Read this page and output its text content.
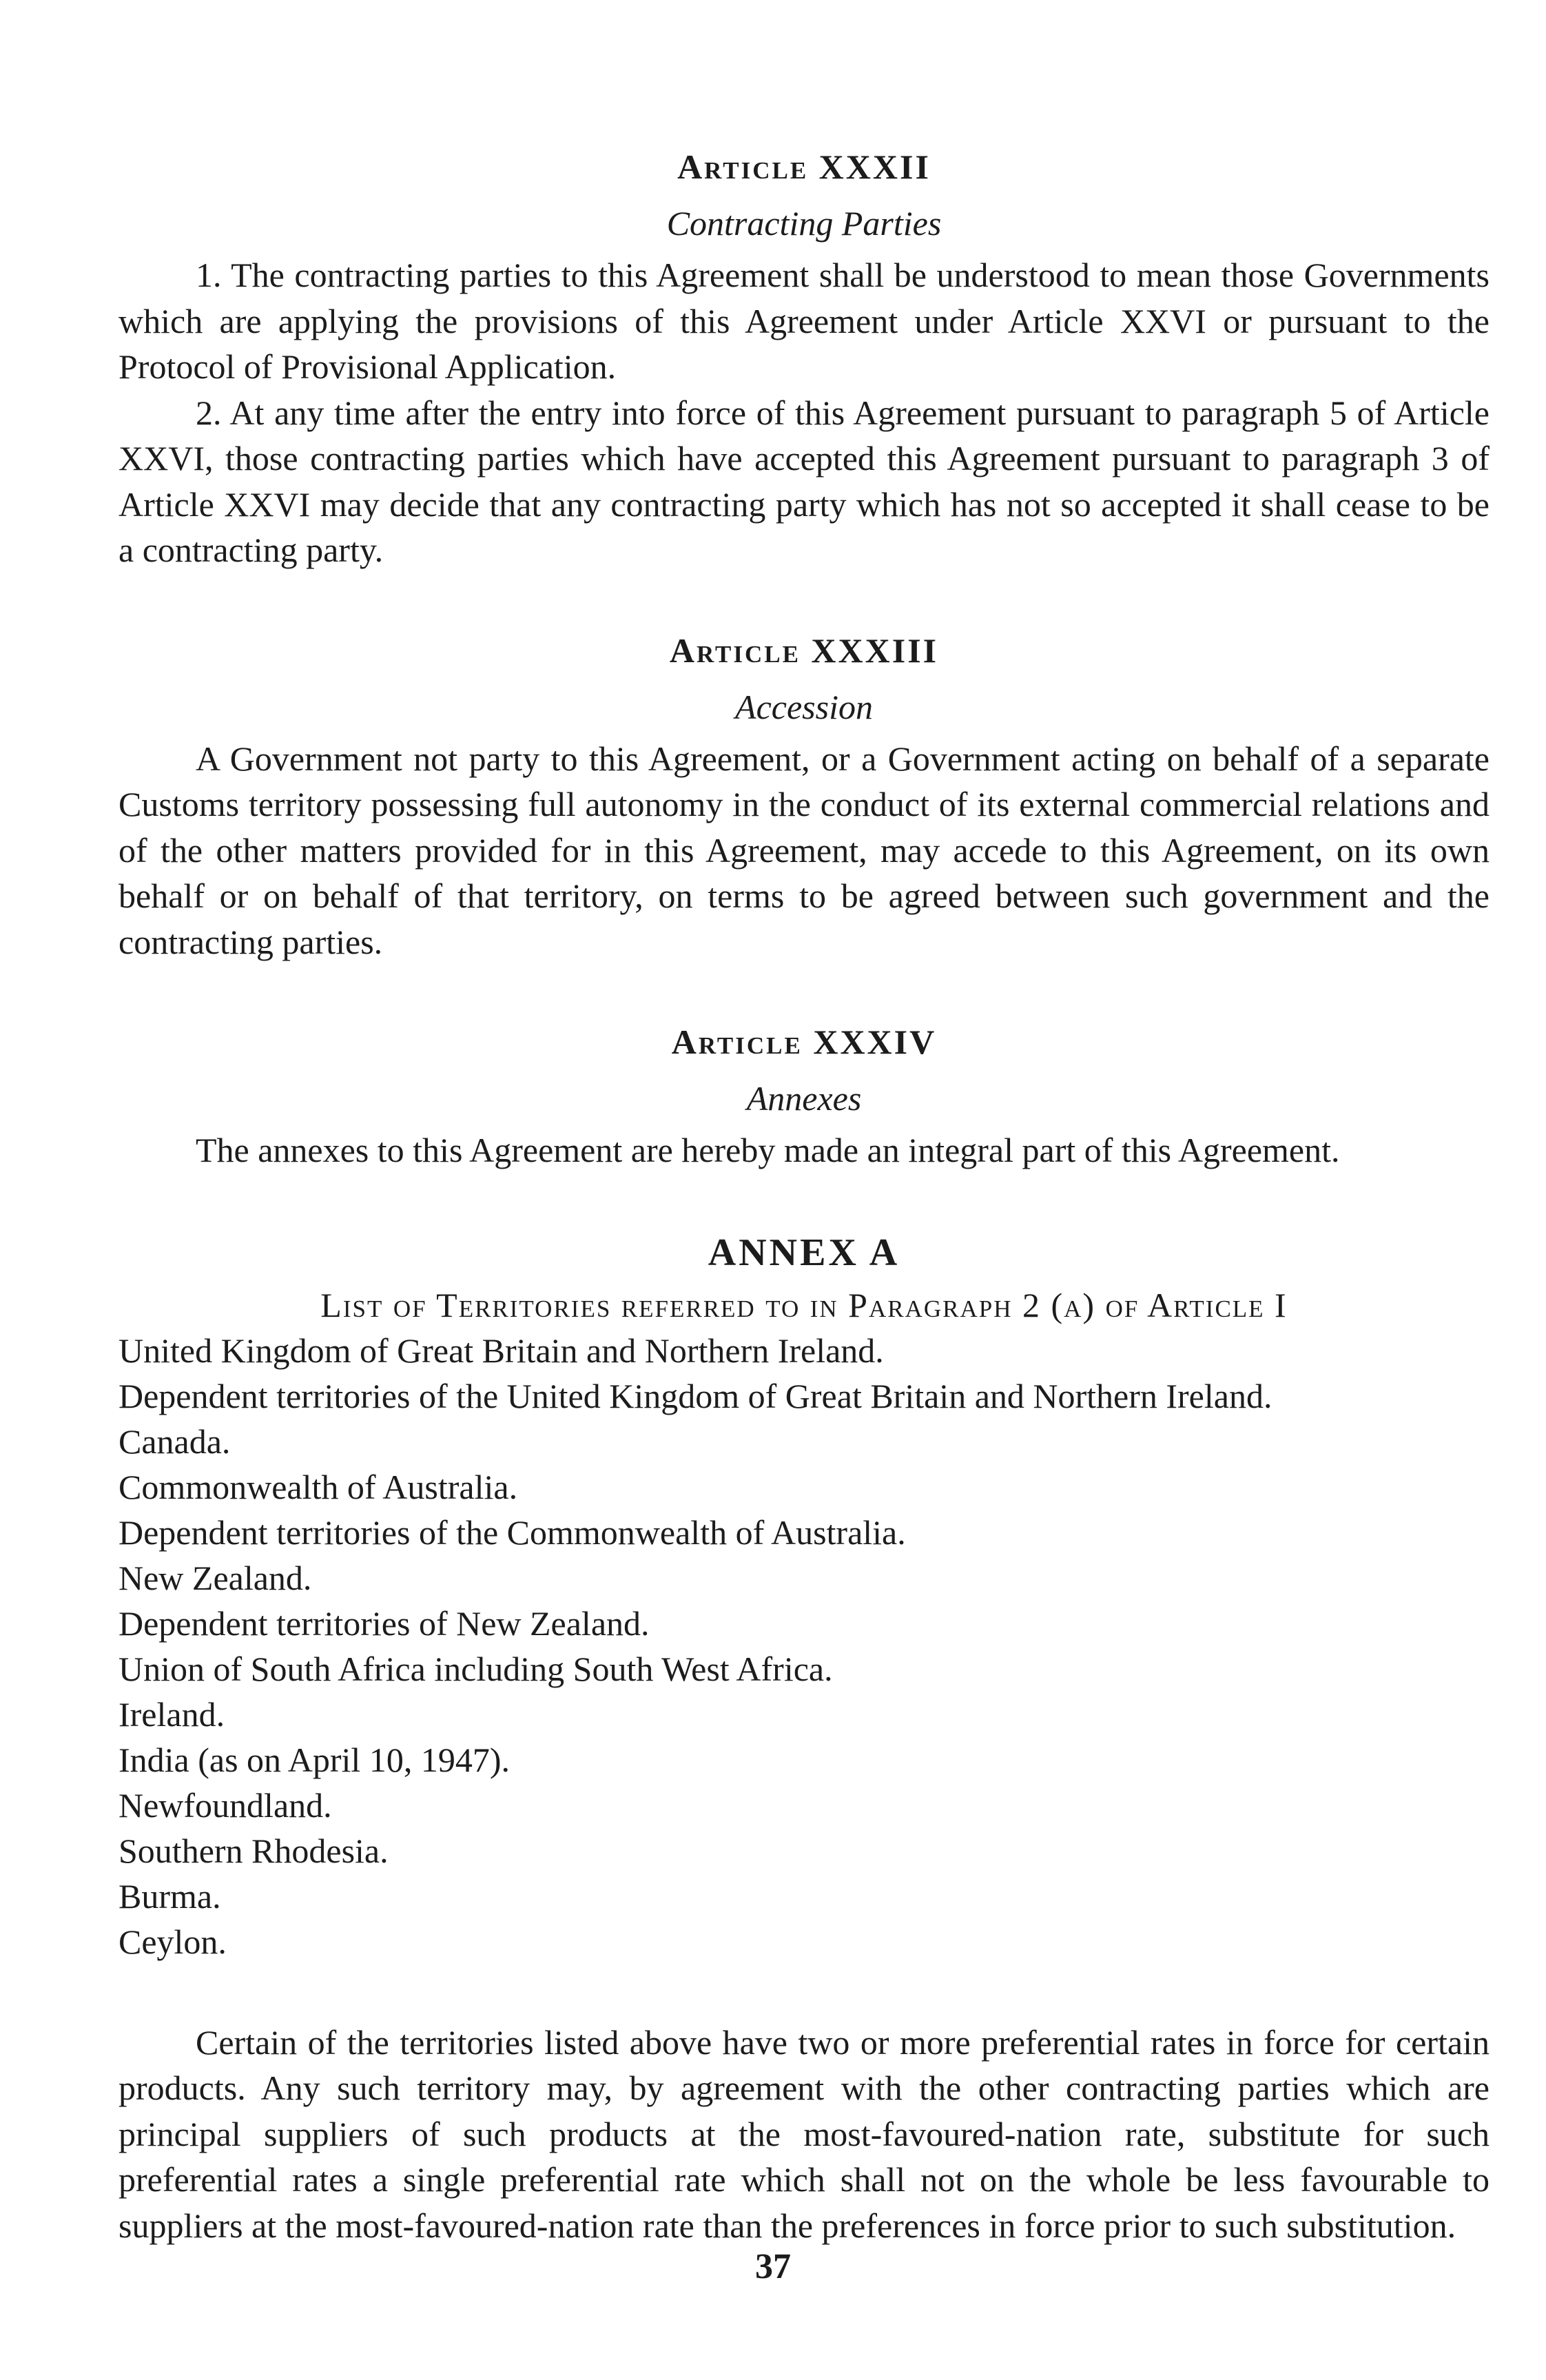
Article XXXII
Contracting Parties

1. The contracting parties to this Agreement shall be understood to mean those Governments which are applying the provisions of this Agreement under Article XXVI or pursuant to the Protocol of Provisional Application.

2. At any time after the entry into force of this Agreement pursuant to paragraph 5 of Article XXVI, those contracting parties which have accepted this Agreement pursuant to paragraph 3 of Article XXVI may decide that any contracting party which has not so accepted it shall cease to be a contracting party.

Article XXXIII
Accession

A Government not party to this Agreement, or a Government acting on behalf of a separate Customs territory possessing full autonomy in the conduct of its external commercial relations and of the other matters provided for in this Agreement, may accede to this Agreement, on its own behalf or on behalf of that territory, on terms to be agreed between such government and the contracting parties.

Article XXXIV
Annexes

The annexes to this Agreement are hereby made an integral part of this Agreement.

ANNEX A
List of Territories referred to in Paragraph 2 (a) of Article I
United Kingdom of Great Britain and Northern Ireland.
Dependent territories of the United Kingdom of Great Britain and Northern Ireland.
Canada.
Commonwealth of Australia.
Dependent territories of the Commonwealth of Australia.
New Zealand.
Dependent territories of New Zealand.
Union of South Africa including South West Africa.
Ireland.
India (as on April 10, 1947).
Newfoundland.
Southern Rhodesia.
Burma.
Ceylon.

Certain of the territories listed above have two or more preferential rates in force for certain products. Any such territory may, by agreement with the other contracting parties which are principal suppliers of such products at the most-favoured-nation rate, substitute for such preferential rates a single preferential rate which shall not on the whole be less favourable to suppliers at the most-favoured-nation rate than the preferences in force prior to such substitution.

37
